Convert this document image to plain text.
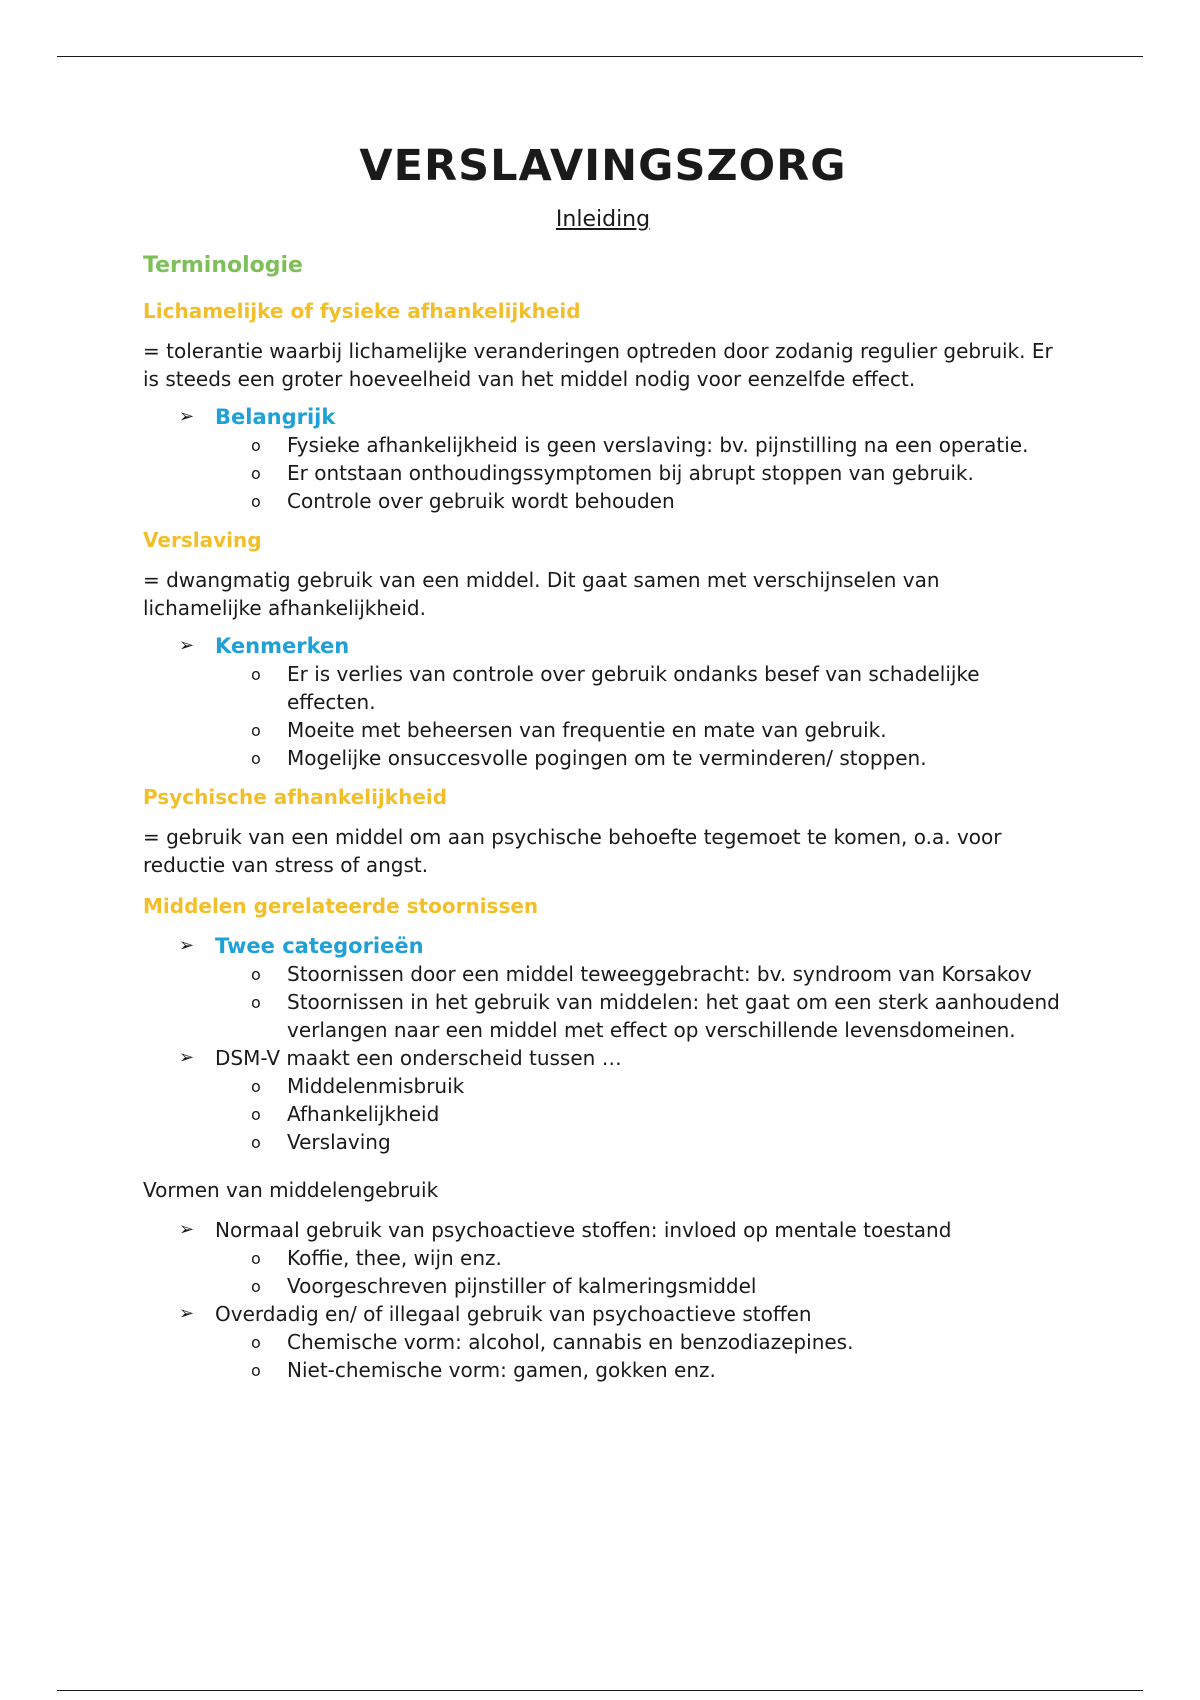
VERSLAVINGSZORG
Inleiding
Terminologie
Lichamelijke of fysieke afhankelijkheid

= tolerantie waarbij lichamelijke veranderingen optreden door zodanig regulier gebruik. Er is steeds een groter hoeveelheid van het middel nodig voor eenzelfde effect.

➢ Belangrijk
o Fysieke afhankelijkheid is geen verslaving: bv. pijnstilling na een operatie.
o Er ontstaan onthoudingssymptomen bij abrupt stoppen van gebruik.
o Controle over gebruik wordt behouden
Verslaving

= dwangmatig gebruik van een middel. Dit gaat samen met verschijnselen van lichamelijke afhankelijkheid.

➢ Kenmerken
o Er is verlies van controle over gebruik ondanks besef van schadelijke effecten.
o Moeite met beheersen van frequentie en mate van gebruik.
o Mogelijke onsuccesvolle pogingen om te verminderen/ stoppen.
Psychische afhankelijkheid

= gebruik van een middel om aan psychische behoefte tegemoet te komen, o.a. voor reductie van stress of angst.

Middelen gerelateerde stoornissen
➢ Twee categorieën
o Stoornissen door een middel teweeggebracht: bv. syndroom van Korsakov
o Stoornissen in het gebruik van middelen: het gaat om een sterk aanhoudend verlangen naar een middel met effect op verschillende levensdomeinen.
➢ DSM-V maakt een onderscheid tussen …
o Middelenmisbruik
o Afhankelijkheid
o Verslaving
Vormen van middelengebruik
➢ Normaal gebruik van psychoactieve stoffen: invloed op mentale toestand
o Koffie, thee, wijn enz.
o Voorgeschreven pijnstiller of kalmeringsmiddel
➢ Overdadig en/ of illegaal gebruik van psychoactieve stoffen
o Chemische vorm: alcohol, cannabis en benzodiazepines.
o Niet-chemische vorm: gamen, gokken enz.
